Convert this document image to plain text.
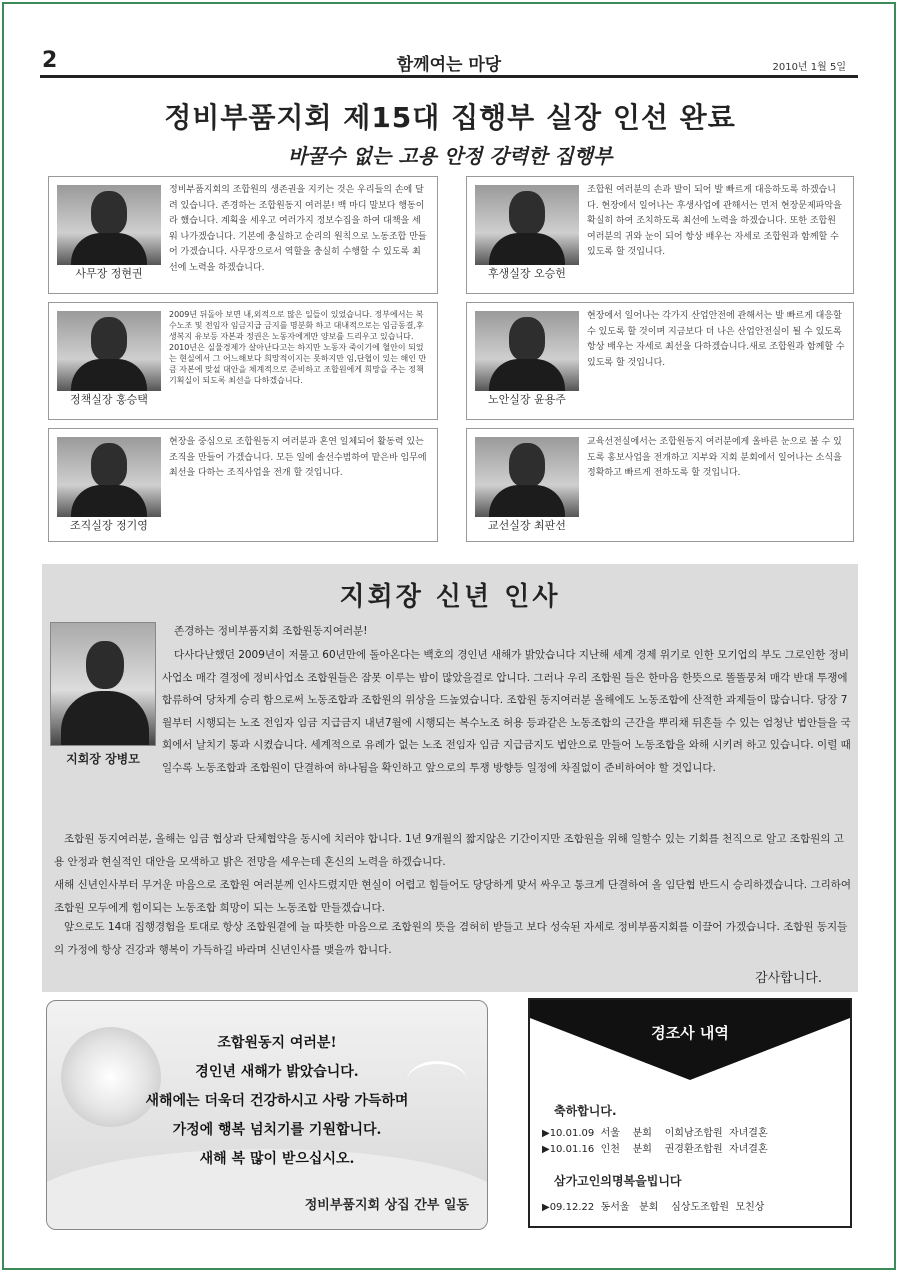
2	함께여는 마당	2010년 1월 5일
정비부품지회 제15대 집행부 실장 인선 완료
바꿀수 없는 고용 안정 강력한 집행부
사무장 정현권
정비부품지회의 조합원의 생존권을 지키는 것은 우리들의 손에 달려 있습니다. 존경하는 조합원동지 여러분! 백 마디 말보다 행동이라 했습니다. 계획을 세우고 여러가지 정보수집을 하여 대책을 세워 나가겠습니다. 기본에 충실하고 순리의 원칙으로 노동조합 만들어 가겠습니다. 사무장으로서 역할을 충실히 수행할 수 있도록 최선에 노력을 하겠습니다.	후생실장 오승헌
조합원 여러분의 손과 발이 되어 발 빠르게 대응하도록 하겠습니다. 현장에서 일어나는 후생사업에 관해서는 먼저 현장문제파악을 확실히 하여 조치하도록 최선에 노력을 하겠습니다. 또한 조합원 여러분의 귀와 눈이 되어 항상 배우는 자세로 조합원과 함께할 수 있도록 할 것입니다.
정책실장 홍승택
2009년 뒤돌아 보면 내,외적으로 많은 일들이 있었습니다. 정부에서는 복수노조 및 전임자 임금지급 금지를 명분화 하고 대내적으로는 임금동결,후생복지 유보등 자본과 정권은 노동자에게만 양보를 드리우고 있습니다. 2010년은 실물경제가 살아난다고는 하지만 노동자 죽이기에 혈안이 되었는 현실에서 그 어느해보다 희망적이지는 못하지만 임,단협이 있는 해인 만큼 자본에 맞설 대안을 체계적으로 준비하고 조합원에게 희망을 주는 정책기획실이 되도록 최선을 다하겠습니다.
노안실장 윤용주
현장에서 일어나는 각가지 산업안전에 관해서는 발 빠르게 대응할 수 있도록 할 것이며 지금보다 더 나은 산업안전실이 될 수 있도록 항상 배우는 자세로 최선을 다하겠습니다.새로 조합원과 함께할 수 있도록 할 것입니다.
조직실장 정기영
현장을 중심으로 조합원동지 여러분과 혼연 일체되어 활동력 있는 조직을 만들어 가겠습니다. 모든 일에 솔선수범하여 맡은바 임무에 최선을 다하는 조직사업을 전개 할 것입니다.
교선실장 최판선
교육선전실에서는 조합원동지 여러분에게 올바른 눈으로 볼 수 있도록 홍보사업을 전개하고 지부와 지회 분회에서 일어나는 소식을 정확하고 빠르게 전하도록 할 것입니다.
지회장 신년 인사
지회장 장병모
존경하는 정비부품지회 조합원동지여러분!
다사다난했던 2009년이 저물고 60년만에 돌아온다는 백호의 경인년 새해가 밝았습니다 지난해 세계 경제 위기로 인한 모기업의 부도 그로인한 정비사업소 매각 결정에 정비사업소 조합원들은 잠못 이루는 밤이 많았을걸로 압니다. 그러나 우리 조합원 들은 한마음 한뜻으로 똘똘뭉쳐 매각 반대 투쟁에 합류하여 당차게 승리 함으로써 노동조합과 조합원의 위상을 드높였습니다. 조합원 동지여러분 올해에도 노동조합에 산적한 과제들이 많습니다. 당장 7월부터 시행되는 노조 전임자 임금 지급금지 내년7월에 시행되는 복수노조 허용 등과같은 노동조합의 근간을 뿌리채 뒤흔들 수 있는 엄청난 법안들을 국회에서 날치기 통과 시켰습니다. 세계적으로 유례가 없는 노조 전임자 임금 지급금지도 법안으로 만들어 노동조합을 와해 시키려 하고 있습니다. 이럴 때 일수록 노동조합과 조합원이 단결하여 하나됨을 확인하고 앞으로의 투쟁 방향등 일정에 차질없이 준비하여야 할 것입니다.
조합원 동지여러분, 올해는 임금 협상과 단체협약을 동시에 치러야 합니다. 1년 9개월의 짧지않은 기간이지만 조합원을 위해 일할수 있는 기회를 천직으로 알고 조합원의 고용 안정과 현실적인 대안을 모색하고 밝은 전망을 세우는데 혼신의 노력을 하겠습니다.
새해 신년인사부터 무거운 마음으로 조합원 여러분께 인사드렸지만 현실이 어렵고 힘들어도 당당하게 맞서 싸우고 통크게 단결하여 올 임단협 반드시 승리하겠습니다. 그리하여 조합원 모두에게 힘이되는 노동조합 희망이 되는 노동조합 만들겠습니다.
앞으로도 14대 집행경험을 토대로 항상 조합원곁에 늘 따뜻한 마음으로 조합원의 뜻을 겸허히 받들고 보다 성숙된 자세로 정비부품지회를 이끌어 가겠습니다. 조합원 동지들의 가정에 항상 건강과 행복이 가득하길 바라며 신년인사를 맺을까 합니다.
감사합니다.
조합원동지 여러분!
경인년 새해가 밝았습니다.
새해에는 더욱더 건강하시고 사랑 가득하며
가정에 행복 넘치기를 기원합니다.
새해 복 많이 받으십시오.
정비부품지회 상집 간부 일동
경조사 내역
축하합니다.
▶10.01.09  서울    분회    이희남조합원  자녀결혼
▶10.01.16  인천    분회    권경환조합원  자녀결혼
삼가고인의명복을빕니다
▶09.12.22  동서울   분회    심상도조합원  모친상
